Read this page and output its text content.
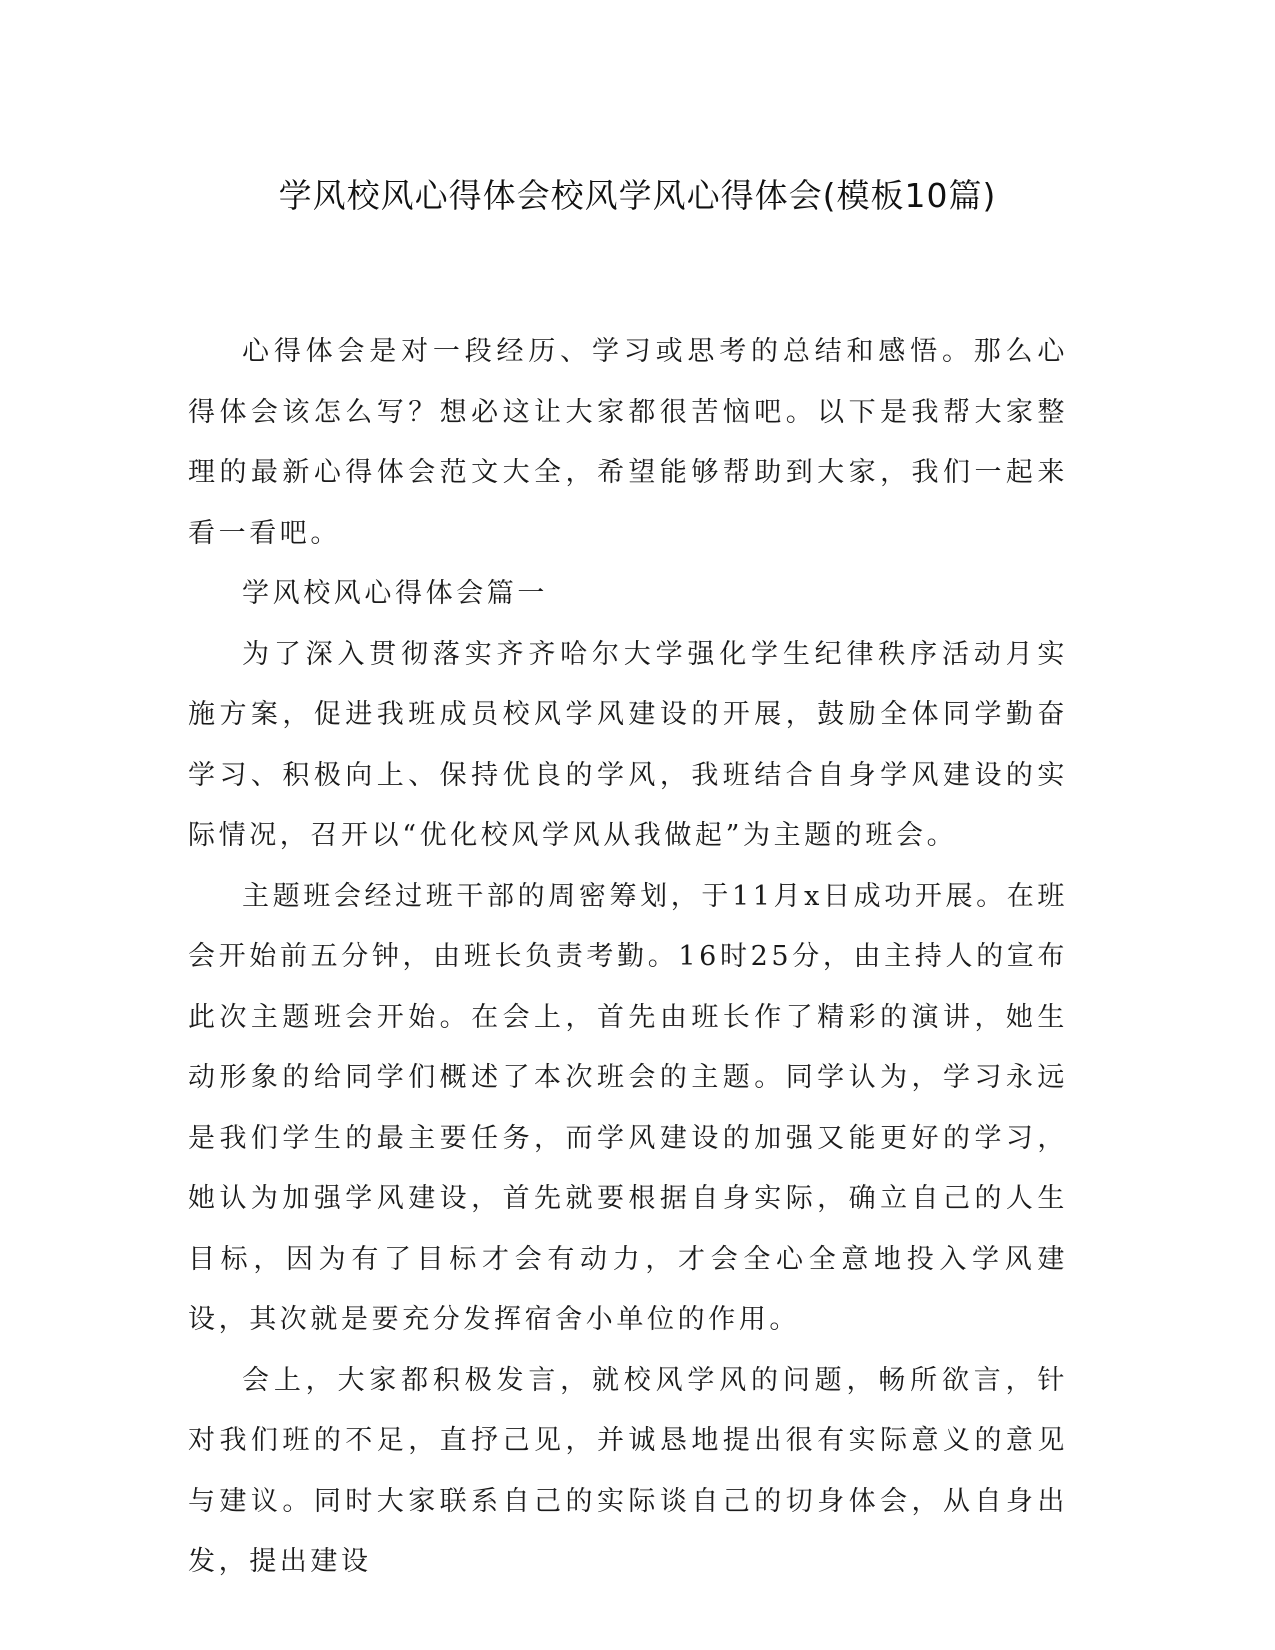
学风校风心得体会校风学风心得体会(模板10篇)

心得体会是对一段经历、学习或思考的总结和感悟。那么心得体会该怎么写？想必这让大家都很苦恼吧。以下是我帮大家整理的最新心得体会范文大全，希望能够帮助到大家，我们一起来看一看吧。

学风校风心得体会篇一

为了深入贯彻落实齐齐哈尔大学强化学生纪律秩序活动月实施方案，促进我班成员校风学风建设的开展，鼓励全体同学勤奋学习、积极向上、保持优良的学风，我班结合自身学风建设的实际情况，召开以“优化校风学风从我做起”为主题的班会。

主题班会经过班干部的周密筹划，于11月x日成功开展。在班会开始前五分钟，由班长负责考勤。16时25分，由主持人的宣布此次主题班会开始。在会上，首先由班长作了精彩的演讲，她生动形象的给同学们概述了本次班会的主题。同学认为，学习永远是我们学生的最主要任务，而学风建设的加强又能更好的学习，她认为加强学风建设，首先就要根据自身实际，确立自己的人生目标，因为有了目标才会有动力，才会全心全意地投入学风建设，其次就是要充分发挥宿舍小单位的作用。

会上，大家都积极发言，就校风学风的问题，畅所欲言，针对我们班的不足，直抒己见，并诚恳地提出很有实际意义的意见与建议。同时大家联系自己的实际谈自己的切身体会，从自身出发，提出建设
